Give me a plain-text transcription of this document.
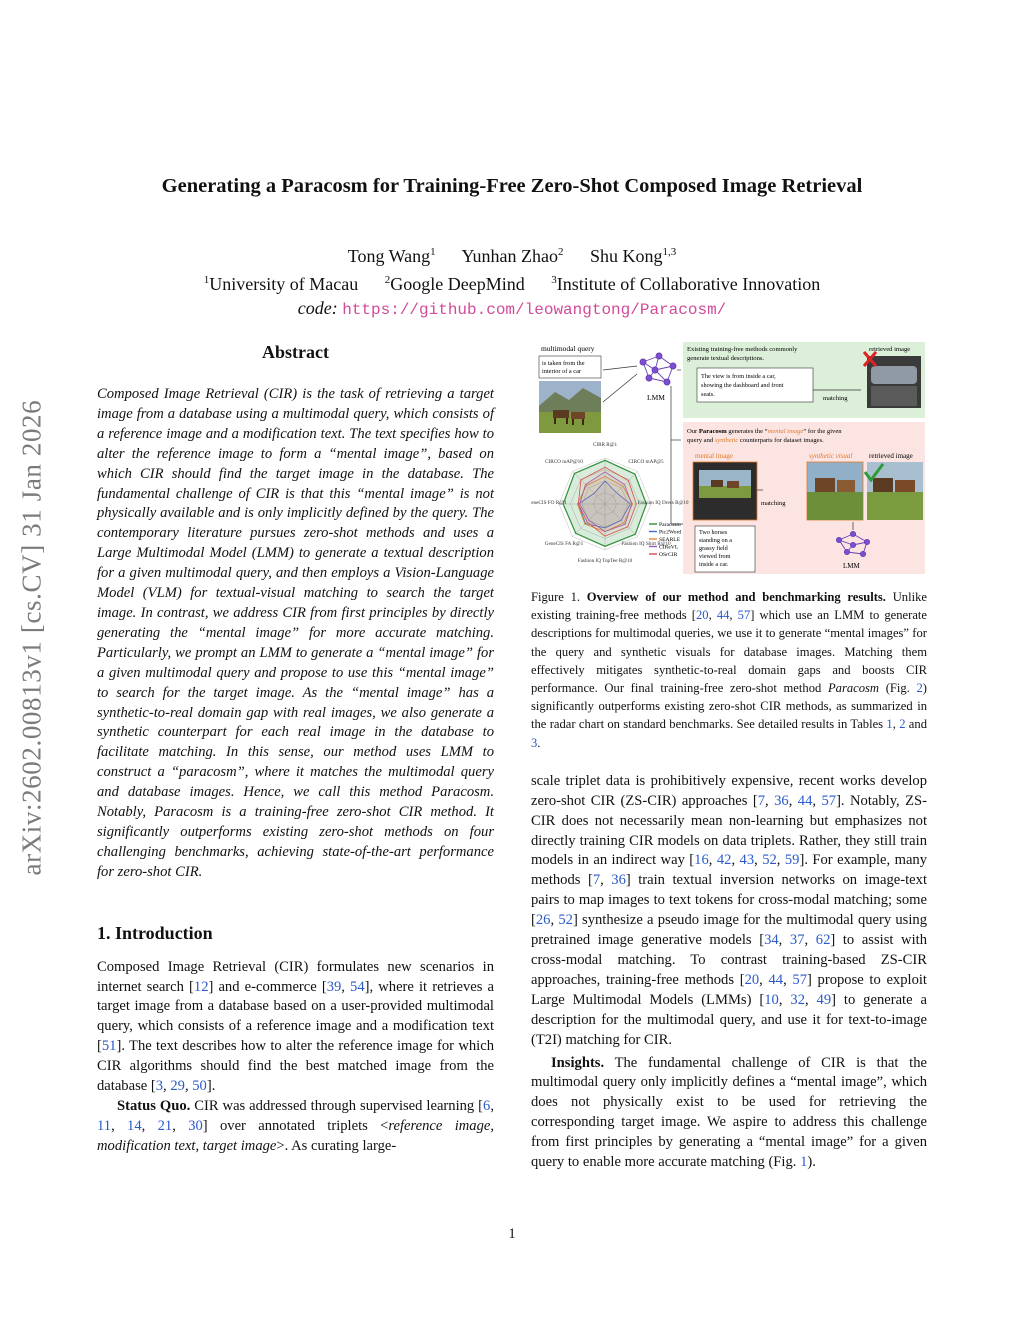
arXiv:2602.00813v1 [cs.CV] 31 Jan 2026
Generating a Paracosm for Training-Free Zero-Shot Composed Image Retrieval
Tong Wang$^1$ Yunhan Zhao$^2$ Shu Kong$^{1,3}$
$^1$University of Macau $^2$Google DeepMind $^3$Institute of Collaborative Innovation
code: https://github.com/leowangtong/Paracosm/
Abstract

Composed Image Retrieval (CIR) is the task of retrieving a target image from a database using a multimodal query, which consists of a reference image and a modification text. The text specifies how to alter the reference image to form a “mental image”, based on which CIR should find the target image in the database. The fundamental challenge of CIR is that this “mental image” is not physically available and is only implicitly defined by the query. The contemporary literature pursues zero-shot methods and uses a Large Multimodal Model (LMM) to generate a textual description for a given multimodal query, and then employs a Vision-Language Model (VLM) for textual-visual matching to search the target image. In contrast, we address CIR from first principles by directly generating the “mental image” for more accurate matching. Particularly, we prompt an LMM to generate a “mental image” for a given multimodal query and propose to use this “mental image” to search for the target image. As the “mental image” has a synthetic-to-real domain gap with real images, we also generate a synthetic counterpart for each real image in the database to facilitate matching. In this sense, our method uses LMM to construct a “paracosm”, where it matches the multimodal query and database images. Hence, we call this method Paracosm. Notably, Paracosm is a training-free zero-shot CIR method. It significantly outperforms existing zero-shot methods on four challenging benchmarks, achieving state-of-the-art performance for zero-shot CIR.

1. Introduction

Composed Image Retrieval (CIR) formulates new scenarios in internet search [12] and e-commerce [39, 54], where it retrieves a target image from a database based on a user-provided multimodal query, which consists of a reference image and a modification text [51]. The text describes how to alter the reference image for which CIR algorithms should find the best matched image from the database [3, 29, 50].

Status Quo. CIR was addressed through supervised learning [6, 11, 14, 21, 30] over annotated triplets <reference image, modification text, target image>. As curating large-

multimodal query
is taken from the
interior of a car
LMM
Existing training-free methods commonly
generate textual descriptions.
The view is from inside a car,
showing the dashboard and front
seats.
matching
retrieved image
Our Paracosm generates the “mental image” for the given
query and synthetic counterparts for dataset images.
mental image
Two horses
standing on a
grassy field
viewed from
inside a car.
matching
synthetic visual retrieved image
LMM
CIRR R@1
CIRCO mAP@5
Fashion IQ Dress R@10
Fashion IQ Shirt R@10
Fashion IQ TopTee R@10
GeneCIS FA R@1
GeneCIS FO R@1
CIRCO mAP@10
Paracosm
Pic2Word
SEARLE
CIReVL
OSrCIR

Figure 1. Overview of our method and benchmarking results. Unlike existing training-free methods [20, 44, 57] which use an LMM to generate descriptions for multimodal queries, we use it to generate “mental images” for the query and synthetic visuals for database images. Matching them effectively mitigates synthetic-to-real domain gaps and boosts CIR performance. Our final training-free zero-shot method Paracosm (Fig. 2) significantly outperforms existing zero-shot CIR methods, as summarized in the radar chart on standard benchmarks. See detailed results in Tables 1, 2 and 3.

scale triplet data is prohibitively expensive, recent works develop zero-shot CIR (ZS-CIR) approaches [7, 36, 44, 57]. Notably, ZS-CIR does not necessarily mean non-learning but emphasizes not directly training CIR models on data triplets. Rather, they still train models in an indirect way [16, 42, 43, 52, 59]. For example, many methods [7, 36] train textual inversion networks on image-text pairs to map images to text tokens for cross-modal matching; some [26, 52] synthesize a pseudo image for the multimodal query using pretrained image generative models [34, 37, 62] to assist with cross-modal matching. To contrast training-based ZS-CIR approaches, training-free methods [20, 44, 57] propose to exploit Large Multimodal Models (LMMs) [10, 32, 49] to generate a description for the multimodal query, and use it for text-to-image (T2I) matching for CIR.

Insights. The fundamental challenge of CIR is that the multimodal query only implicitly defines a “mental image”, which does not physically exist to be used for retrieving the corresponding target image. We aspire to address this challenge from first principles by generating a “mental image” for a given query to enable more accurate matching (Fig. 1).

1
